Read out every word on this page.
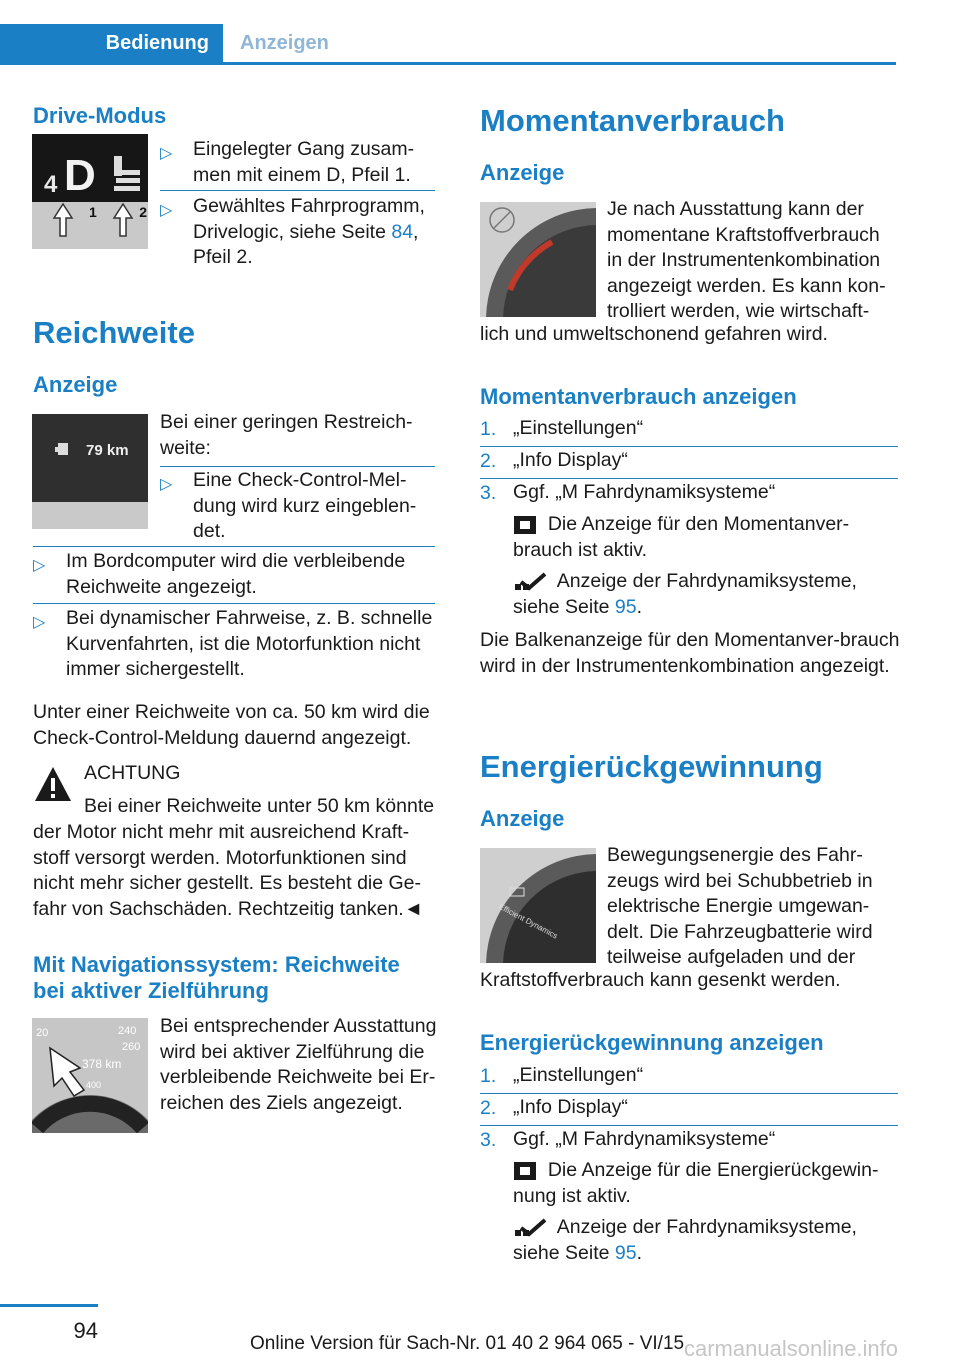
Bedienung	Anzeigen
Drive-Modus
4 D
1	2
▷ Eingelegter Gang zusam-men mit einem D, Pfeil 1.
▷ Gewähltes Fahrprogramm,
Drivelogic, siehe Seite 84,
Pfeil 2.
Reichweite
Anzeige
79 km
Bei einer geringen Restreich-weite:
▷ Eine Check-Control-Mel-dung wird kurz eingeblen-det.
▷ Im Bordcomputer wird die verbleibende Reichweite angezeigt.
▷ Bei dynamischer Fahrweise, z. B. schnelle Kurvenfahrten, ist die Motorfunktion nicht immer sichergestellt.
Unter einer Reichweite von ca. 50 km wird die Check-Control-Meldung dauernd angezeigt.
ACHTUNG
Bei einer Reichweite unter 50 km könnte
der Motor nicht mehr mit ausreichend Kraft-stoff versorgt werden. Motorfunktionen sind nicht mehr sicher gestellt. Es besteht die Ge-fahr von Sachschäden. Rechtzeitig tanken.◄
Mit Navigationssystem: Reichweite bei aktiver Zielführung
20	240
260
378 km
400
Bei entsprechender Ausstattung wird bei aktiver Zielführung die verbleibende Reichweite bei Er-reichen des Ziels angezeigt.
Momentanverbrauch
Anzeige
Je nach Ausstattung kann der momentane Kraftstoffverbrauch in der Instrumentenkombination angezeigt werden. Es kann kon-trolliert werden, wie wirtschaft-
lich und umweltschonend gefahren wird.
Momentanverbrauch anzeigen
1. „Einstellungen“
2. „Info Display“
3. Ggf. „M Fahrdynamiksysteme“
Die Anzeige für den Momentanver-
brauch ist aktiv.
Anzeige der Fahrdynamiksysteme,
siehe Seite 95.
Die Balkenanzeige für den Momentanver-brauch wird in der Instrumentenkombination angezeigt.
Energierückgewinnung
Anzeige
Efficient Dynamics
Bewegungsenergie des Fahr-zeugs wird bei Schubbetrieb in elektrische Energie umgewan-delt. Die Fahrzeugbatterie wird teilweise aufgeladen und der
Kraftstoffverbrauch kann gesenkt werden.
Energierückgewinnung anzeigen
1. „Einstellungen“
2. „Info Display“
3. Ggf. „M Fahrdynamiksysteme“
Die Anzeige für die Energierückgewin-
nung ist aktiv.
Anzeige der Fahrdynamiksysteme,
siehe Seite 95.
94
Online Version für Sach-Nr. 01 40 2 964 065 - VI/15 carmanualsonline.info
